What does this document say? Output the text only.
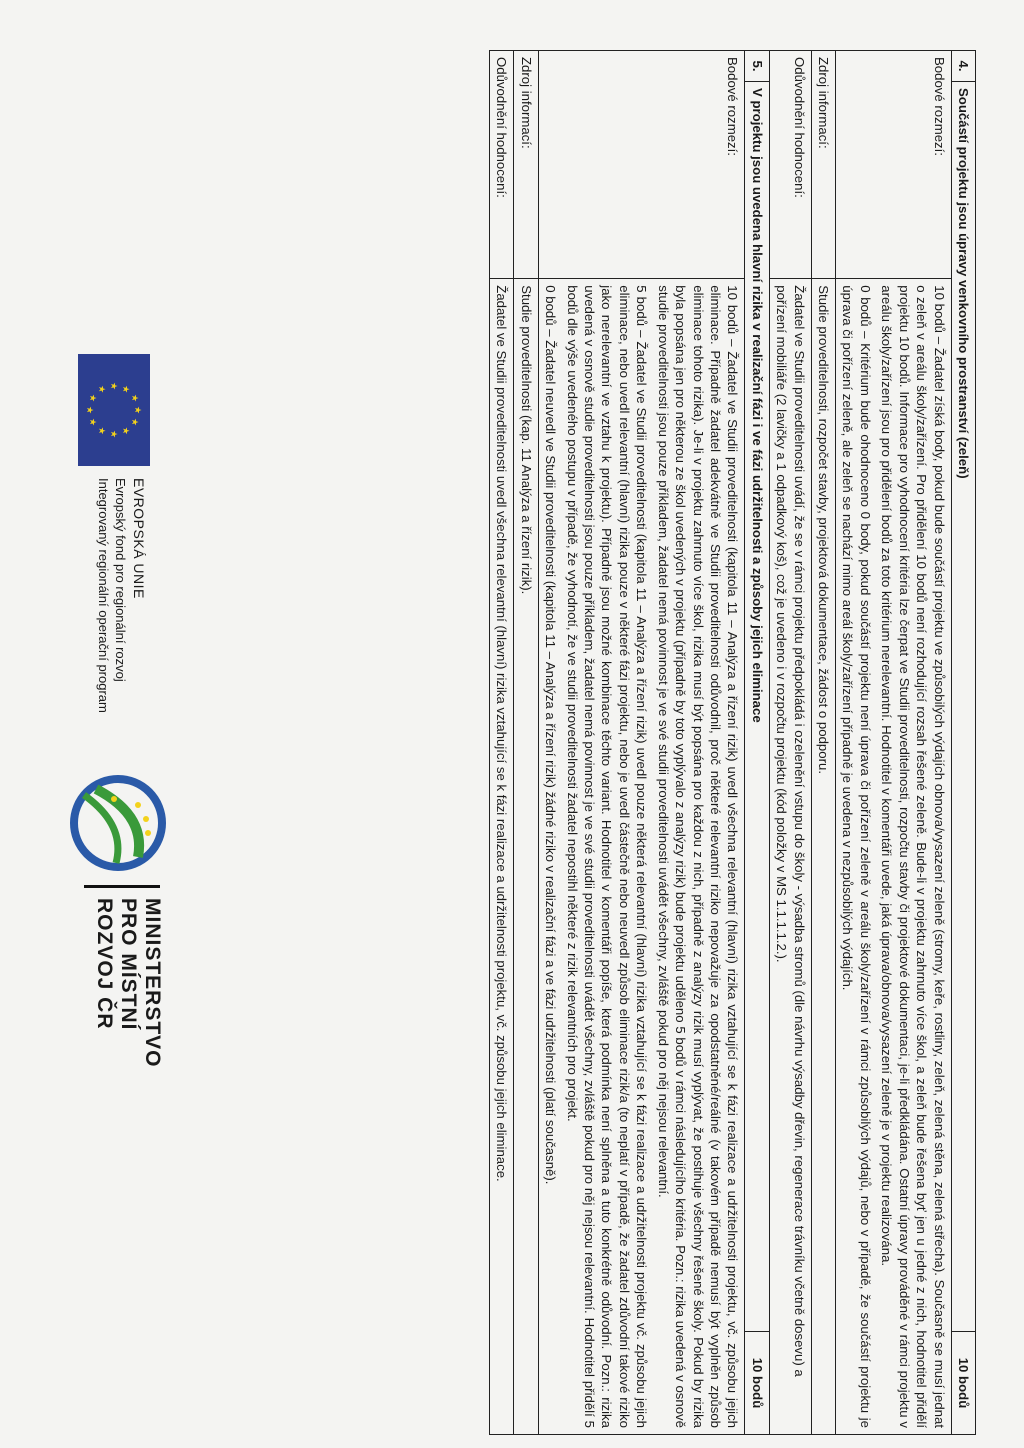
4.	Součástí projektu jsou úpravy venkovního prostranství (zeleň)		10 bodů
Bodové rozmezí:		10 bodů – Žadatel získá body, pokud bude součástí projektu ve způsobilých výdajích obnova/vysazení zeleně (stromy, keře, rostliny, zeleň, zelená stěna, zelená střecha). Současně se musí jednat o zeleň v areálu školy/zařízení. Pro přidělení 10 bodů není rozhodující rozsah řešené zeleně. Bude-li v projektu zahrnuto více škol, a zeleň bude řešena byť jen u jedné z nich, hodnotitel přidělí projektu 10 bodů. Informace pro vyhodnocení kritéria lze čerpat ve Studii proveditelnosti, rozpočtu stavby či projektové dokumentaci, je-li předkládána. Ostatní úpravy prováděné v rámci projektu v areálu školy/zařízení jsou pro přidělení bodů za toto kritérium nerelevantní. Hodnotitel v komentáři uvede, jaká úprava/obnova/vysazení zeleně je v projektu realizována.

0 bodů – Kritérium bude ohodnoceno 0 body, pokud součástí projektu není úprava či pořízení zeleně v areálu školy/zařízení v rámci způsobilých výdajů, nebo v případě, že součástí projektu je úprava či pořízení zeleně, ale zeleň se nachází mimo areál školy/zařízení případně je uvedena v nezpůsobilých výdajích.	

Zdroj informací:		Studie proveditelnosti, rozpočet stavby, projektová dokumentace, žádost o podporu.	
Odůvodnění hodnocení:		Žadatel ve Studii proveditelnosti uvádí, že se v rámci projektu předpokládá i ozelenění vstupu do školy - výsadba stromů (dle návrhu výsadby dřevin, regenerace trávníku včetně dosevu) a pořízení mobiliáře (2 lavičky a 1 odpadkový koš), což je uvedeno i v rozpočtu projektu (kód položky v MS 1.1.1.1.2.).	
5.	V projektu jsou uvedena hlavní rizika v realizační fázi i ve fázi udržitelnosti a způsoby jejich eliminace		10 bodů
Bodové rozmezí:		10 bodů – Žadatel ve Studii proveditelnosti (kapitola 11 – Analýza a řízení rizik) uvedl všechna relevantní (hlavní) rizika vztahující se k fázi realizace a udržitelnosti projektu, vč. způsobu jejich eliminace. Případně žadatel adekvátně ve Studii proveditelnosti odůvodnil, proč některé relevantní riziko nepovažuje za opodstatněné/reálné (v takovém případě nemusí být vyplněn způsob eliminace tohoto rizika). Je-li v projektu zahrnuto více škol, rizika musí být popsána pro každou z nich, případně z analýzy rizik musí vyplývat, že postihuje všechny řešené školy. Pokud by rizika byla popsána jen pro některou ze škol uvedených v projektu (případně by toto vyplývalo z analýzy rizik) bude projektu uděleno 5 bodů v rámci následujícího kritéria. Pozn.: rizika uvedená v osnově studie proveditelnosti jsou pouze příkladem, žadatel nemá povinnost je ve své studii proveditelnosti uvádět všechny, zvláště pokud pro něj nejsou relevantní.

5 bodů – Žadatel ve Studii proveditelnosti (kapitola 11 – Analýza a řízení rizik) uvedl pouze některá relevantní (hlavní) rizika vztahující se k fázi realizace a udržitelnosti projektu vč. způsobu jejich eliminace, nebo uvedl relevantní (hlavní) rizika pouze v některé fázi projektu, nebo je uvedl částečně nebo neuvedl způsob eliminace rizik/a (to neplatí v případě, že žadatel zdůvodní takové riziko jako nerelevantní ve vztahu k projektu). Případně jsou možné kombinace těchto variant. Hodnotitel v komentáři popíše, která podmínka není splněna a tuto konkrétně odůvodní. Pozn.: rizika uvedená v osnově studie proveditelnosti jsou pouze příkladem, žadatel nemá povinnost je ve své studii proveditelnosti uvádět všechny, zvláště pokud pro něj nejsou relevantní. Hodnotitel přidělí 5 bodů dle výše uvedeného postupu v případě, že vyhodnotí, že ve studii proveditelnosti žadatel nepostihl některé z rizik relevantních pro projekt.

0 bodů – Žadatel neuvedl ve Studii proveditelnosti (kapitola 11 – Analýza a řízení rizik) žádné riziko v realizační fázi a ve fázi udržitelnosti (platí současně).	

Zdroj informací:		Studie proveditelnosti (kap. 11 Analýza a řízení rizik).	
Odůvodnění hodnocení:		Žadatel ve Studii proveditelnosti uvedl všechna relevantní (hlavní) rizika vztahující se k fázi realizace a udržitelnosti projektu, vč. způsobu jejich eliminace.	
★
★
★
★
★
★ ★ ★
★
★
★
★
EVROPSKÁ UNIE
Evropský fond pro regionální rozvoj
Integrovaný regionální operační program
MINISTERSTVO
PRO MÍSTNÍ
ROZVOJ ČR
